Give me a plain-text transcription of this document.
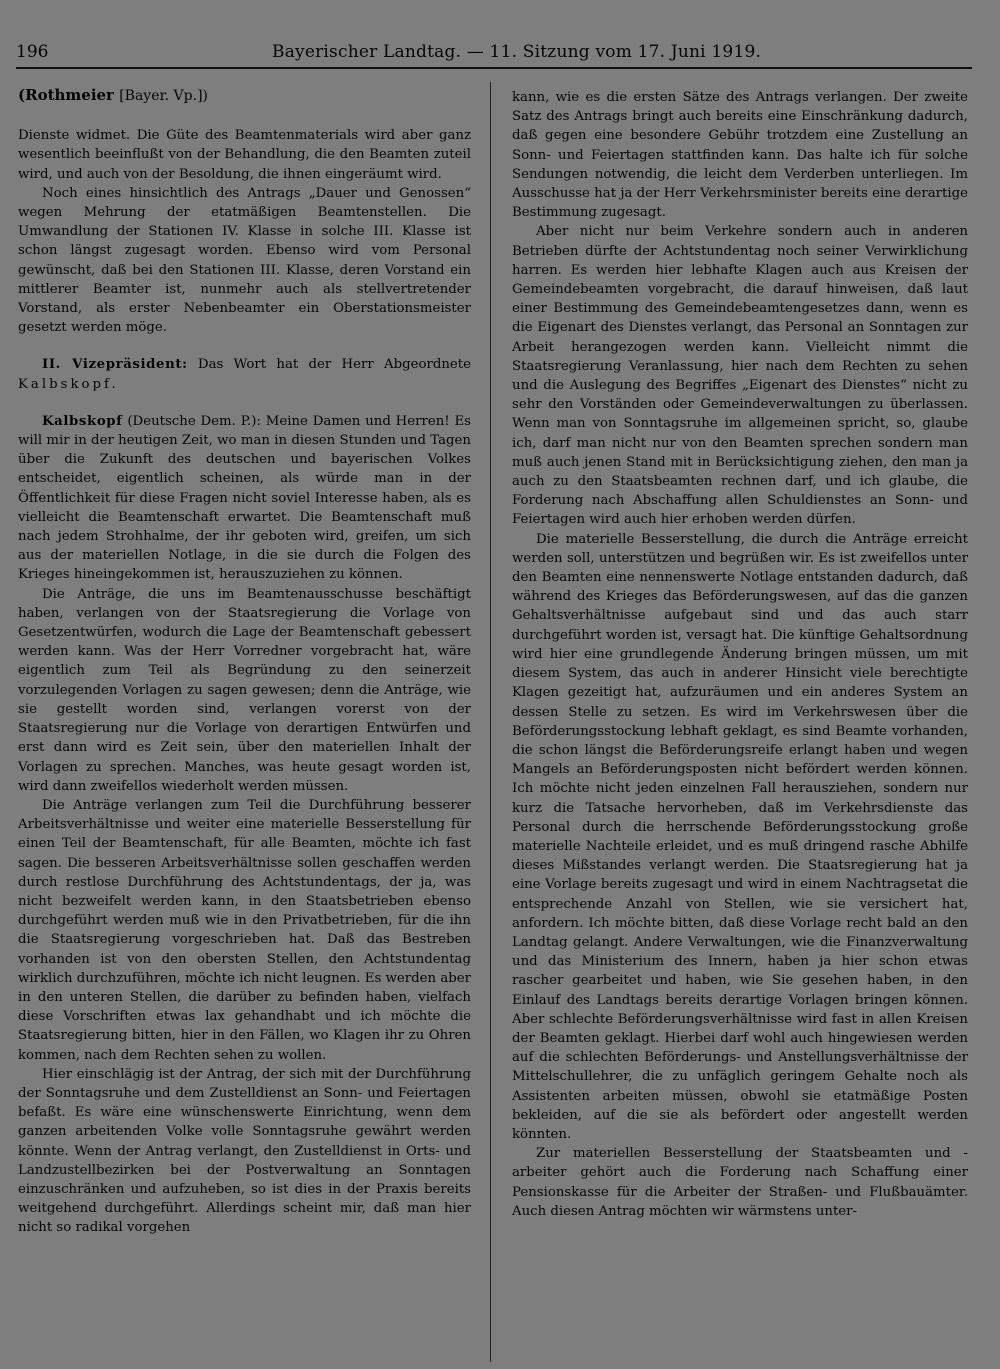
196	Bayerischer Landtag. — 11. Sitzung vom 17. Juni 1919.

(Rothmeier [Bayer. Vp.])

Dienste widmet. Die Güte des Beamtenmaterials wird aber ganz wesentlich beeinflußt von der Behandlung, die den Beamten zuteil wird, und auch von der Besoldung, die ihnen eingeräumt wird.

Noch eines hinsichtlich des Antrags „Dauer und Genossen“ wegen Mehrung der etatmäßigen Beamtenstellen. Die Umwandlung der Stationen IV. Klasse in solche III. Klasse ist schon längst zugesagt worden. Ebenso wird vom Personal gewünscht, daß bei den Stationen III. Klasse, deren Vorstand ein mittlerer Beamter ist, nunmehr auch als stellvertretender Vorstand, als erster Nebenbeamter ein Oberstationsmeister gesetzt werden möge.

II. Vizepräsident: Das Wort hat der Herr Abgeordnete Kalbskopf.

Kalbskopf (Deutsche Dem. P.): Meine Damen und Herren! Es will mir in der heutigen Zeit, wo man in diesen Stunden und Tagen über die Zukunft des deutschen und bayerischen Volkes entscheidet, eigentlich scheinen, als würde man in der Öffentlichkeit für diese Fragen nicht soviel Interesse haben, als es vielleicht die Beamtenschaft erwartet. Die Beamtenschaft muß nach jedem Strohhalme, der ihr geboten wird, greifen, um sich aus der materiellen Notlage, in die sie durch die Folgen des Krieges hineingekommen ist, herauszuziehen zu können.

Die Anträge, die uns im Beamtenausschusse beschäftigt haben, verlangen von der Staatsregierung die Vorlage von Gesetzentwürfen, wodurch die Lage der Beamtenschaft gebessert werden kann. Was der Herr Vorredner vorgebracht hat, wäre eigentlich zum Teil als Begründung zu den seinerzeit vorzulegenden Vorlagen zu sagen gewesen; denn die Anträge, wie sie gestellt worden sind, verlangen vorerst von der Staatsregierung nur die Vorlage von derartigen Entwürfen und erst dann wird es Zeit sein, über den materiellen Inhalt der Vorlagen zu sprechen. Manches, was heute gesagt worden ist, wird dann zweifellos wiederholt werden müssen.

Die Anträge verlangen zum Teil die Durchführung besserer Arbeitsverhältnisse und weiter eine materielle Besserstellung für einen Teil der Beamtenschaft, für alle Beamten, möchte ich fast sagen. Die besseren Arbeitsverhältnisse sollen geschaffen werden durch restlose Durchführung des Achtstundentags, der ja, was nicht bezweifelt werden kann, in den Staatsbetrieben ebenso durchgeführt werden muß wie in den Privatbetrieben, für die ihn die Staatsregierung vorgeschrieben hat. Daß das Bestreben vorhanden ist von den obersten Stellen, den Achtstundentag wirklich durchzuführen, möchte ich nicht leugnen. Es werden aber in den unteren Stellen, die darüber zu befinden haben, vielfach diese Vorschriften etwas lax gehandhabt und ich möchte die Staatsregierung bitten, hier in den Fällen, wo Klagen ihr zu Ohren kommen, nach dem Rechten sehen zu wollen.

Hier einschlägig ist der Antrag, der sich mit der Durchführung der Sonntagsruhe und dem Zustelldienst an Sonn- und Feiertagen befaßt. Es wäre eine wünschenswerte Einrichtung, wenn dem ganzen arbeitenden Volke volle Sonntagsruhe gewährt werden könnte. Wenn der Antrag verlangt, den Zustelldienst in Orts- und Landzustellbezirken bei der Postverwaltung an Sonntagen einzuschränken und aufzuheben, so ist dies in der Praxis bereits weitgehend durchgeführt. Allerdings scheint mir, daß man hier nicht so radikal vorgehen

kann, wie es die ersten Sätze des Antrags verlangen. Der zweite Satz des Antrags bringt auch bereits eine Einschränkung dadurch, daß gegen eine besondere Gebühr trotzdem eine Zustellung an Sonn- und Feiertagen stattfinden kann. Das halte ich für solche Sendungen notwendig, die leicht dem Verderben unterliegen. Im Ausschusse hat ja der Herr Verkehrsminister bereits eine derartige Bestimmung zugesagt.

Aber nicht nur beim Verkehre sondern auch in anderen Betrieben dürfte der Achtstundentag noch seiner Verwirklichung harren. Es werden hier lebhafte Klagen auch aus Kreisen der Gemeindebeamten vorgebracht, die darauf hinweisen, daß laut einer Bestimmung des Gemeindebeamtengesetzes dann, wenn es die Eigenart des Dienstes verlangt, das Personal an Sonntagen zur Arbeit herangezogen werden kann. Vielleicht nimmt die Staatsregierung Veranlassung, hier nach dem Rechten zu sehen und die Auslegung des Begriffes „Eigenart des Dienstes“ nicht zu sehr den Vorständen oder Gemeindeverwaltungen zu überlassen. Wenn man von Sonntagsruhe im allgemeinen spricht, so, glaube ich, darf man nicht nur von den Beamten sprechen sondern man muß auch jenen Stand mit in Berücksichtigung ziehen, den man ja auch zu den Staatsbeamten rechnen darf, und ich glaube, die Forderung nach Abschaffung allen Schuldienstes an Sonn- und Feiertagen wird auch hier erhoben werden dürfen.

Die materielle Besserstellung, die durch die Anträge erreicht werden soll, unterstützen und begrüßen wir. Es ist zweifellos unter den Beamten eine nennenswerte Notlage entstanden dadurch, daß während des Krieges das Beförderungswesen, auf das die ganzen Gehaltsverhältnisse aufgebaut sind und das auch starr durchgeführt worden ist, versagt hat. Die künftige Gehaltsordnung wird hier eine grundlegende Änderung bringen müssen, um mit diesem System, das auch in anderer Hinsicht viele berechtigte Klagen gezeitigt hat, aufzuräumen und ein anderes System an dessen Stelle zu setzen. Es wird im Verkehrswesen über die Beförderungsstockung lebhaft geklagt, es sind Beamte vorhanden, die schon längst die Beförderungsreife erlangt haben und wegen Mangels an Beförderungsposten nicht befördert werden können. Ich möchte nicht jeden einzelnen Fall herausziehen, sondern nur kurz die Tatsache hervorheben, daß im Verkehrsdienste das Personal durch die herrschende Beförderungsstockung große materielle Nachteile erleidet, und es muß dringend rasche Abhilfe dieses Mißstandes verlangt werden. Die Staatsregierung hat ja eine Vorlage bereits zugesagt und wird in einem Nachtragsetat die entsprechende Anzahl von Stellen, wie sie versichert hat, anfordern. Ich möchte bitten, daß diese Vorlage recht bald an den Landtag gelangt. Andere Verwaltungen, wie die Finanzverwaltung und das Ministerium des Innern, haben ja hier schon etwas rascher gearbeitet und haben, wie Sie gesehen haben, in den Einlauf des Landtags bereits derartige Vorlagen bringen können. Aber schlechte Beförderungsverhältnisse wird fast in allen Kreisen der Beamten geklagt. Hierbei darf wohl auch hingewiesen werden auf die schlechten Beförderungs- und Anstellungsverhältnisse der Mittelschullehrer, die zu unfäglich geringem Gehalte noch als Assistenten arbeiten müssen, obwohl sie etatmäßige Posten bekleiden, auf die sie als befördert oder angestellt werden könnten.

Zur materiellen Besserstellung der Staatsbeamten und -arbeiter gehört auch die Forderung nach Schaffung einer Pensionskasse für die Arbeiter der Straßen- und Flußbauämter. Auch diesen Antrag möchten wir wärmstens unter-
